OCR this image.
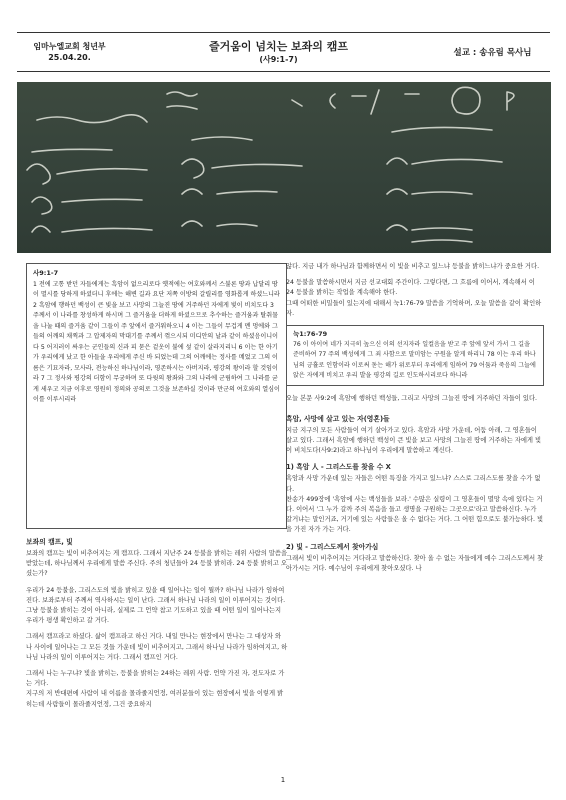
임마누엘교회 청년부
25.04.20.
즐거움이 넘치는 보좌의 캠프
(사9:1-7)
설교 : 송유림 목사님
사9:1-7
1 전에 고통 받던 자들에게는 흑암이 없으리로다 옛적에는 여호와께서 스불론 땅과 납달리 땅이 멸시를 당하게 하셨더니 후에는 해변 길과 요단 저쪽 이방의 갈릴리를 영화롭게 하셨느니라 2 흑암에 행하던 백성이 큰 빛을 보고 사망의 그늘진 땅에 거주하던 자에게 빛이 비치도다 3 주께서 이 나라를 창성하게 하시며 그 즐거움을 더하게 하셨으므로 추수하는 즐거움과 탈취물을 나눌 때의 즐거움 같이 그들이 주 앞에서 즐거워하오니 4 이는 그들이 무겁게 멘 멍에와 그들의 어깨의 채찍과 그 압제자의 막대기를 주께서 꺾으시되 미디안의 날과 같이 하셨음이니이다 5 어지러이 싸우는 군인들의 신과 피 묻은 겉옷이 불에 섶 같이 살라지리니 6 이는 한 아기가 우리에게 났고 한 아들을 우리에게 주신 바 되었는데 그의 어깨에는 정사를 메었고 그의 이름은 기묘자라, 모사라, 전능하신 하나님이라, 영존하시는 아버지라, 평강의 왕이라 할 것임이라 7 그 정사와 평강의 더함이 무궁하며 또 다윗의 왕좌와 그의 나라에 군림하여 그 나라를 굳게 세우고 지금 이후로 영원히 정의와 공의로 그것을 보존하실 것이라 만군의 여호와의 열심이 이를 이루시리라
보좌의 캠프, 빛

보좌의 캠프는 빛이 비추어지는 게 캠프다. 그래서 지난주 24 등불을 밝히는 레위 사람의 말씀을 받았는데, 하나님께서 우리에게 말씀 주신다. 주의 청년들아 24 등불 밝히라. 24 등불 밝히고 오셨는가?

우리가 24 등불을, 그리스도의 빛을 밝히고 있을 때 일어나는 일이 뭘까? 하나님 나라가 임하여진다. 보좌로부터 주께서 역사하시는 일이 난다. 그래서 하나님 나라의 일이 이루어지는 것이다. 그냥 등불을 밝히는 것이 아니라, 실제로 그 언약 참고 기도하고 있을 때 어떤 일이 일어나는지 우리가 평생 확인하고 갈 거다.

그래서 캠프라고 하셨다. 삶이 캠프라고 하신 거다. 내일 만나는 현장에서 만나는 그 대상자 와 나 사이에 일어나는 그 모든 것들 가운데 빛이 비추어지고, 그래서 하나님 나라가 임하여지고, 하나님 나라의 일이 이루어지는 거다. 그래서 캠프인 거다.

그래서 나는 누구냐? 빛을 밝히는, 등불을 밝히는 24하는 레위 사람. 언약 가진 자, 전도자로 가는 거다.

지구의 저 반대편에 사람이 내 이름을 몰라줄지언정, 여러분들이 있는 현장에서 빛을 이렇게 밝히는데 사람들이 몰라줄지언정, 그건 중요하지

않다. 지금 내가 하나님과 함께하면서 이 빛을 비추고 있느냐 등불을 밝히느냐가 중요한 거다.

24 등불을 말씀하시면서 지금 선교대회 주간이다. 그렇다면, 그 흐름에 이어서, 계속해서 이 24 등불을 밝히는 작업을 계속해야 한다.

그때 어떠한 비밀들이 있는지에 대해서 눅1:76-79 말씀을 기억하며, 오늘 말씀을 같이 확인하자.

눅1:76-79
76 이 아이여 네가 지극히 높으신 이의 선지자라 일컬음을 받고 주 앞에 앞서 가서 그 길을 준비하여 77 주의 백성에게 그 죄 사함으로 말미암는 구원을 알게 하리니 78 이는 우리 하나님의 긍휼로 인함이라 이로써 돋는 해가 위로부터 우리에게 임하여 79 어둠과 죽음의 그늘에 앉은 자에게 비치고 우리 발을 평강의 길로 인도하시리로다 하니라

오늘 본문 사9:2에 흑암에 행하던 백성들, 그리고 사망의 그늘진 땅에 거주하던 자들이 있다.

흑암, 사망에 살고 있는 자(영혼)들

지금 지구의 모든 사람들이 여기 살아가고 있다. 흑암과 사망 가운데, 어둠 아래, 그 영혼들이 살고 있다. 그래서 흑암에 행하던 백성이 큰 빛을 보고 사망의 그늘진 땅에 거주하는 자에게 빛이 비치도다(사9:2)라고 하나님이 우리에게 말씀하고 계신다.

1) 흑암 人 - 그리스도를 찾을 수 X

흑암과 사망 가운데 있는 자들은 어떤 특징을 가지고 있느냐? 스스로 그리스도를 찾을 수가 없다.

찬송가 499장에 '흑암에 사는 백성들을 보라.' 수많은 실령이 그 영혼들이 멸망 속에 있다는 거다. 이어서 '그 누가 갈까 주의 복음을 들고 생명을 구원하는 그곳으로'라고 말씀하신다. 누가 갈거냐는 말인거죠, 거기에 있는 사람들은 올 수 없다는 거다. 그 어떤 힘으로도 불가능하다. 빛을 가진 자가 가는 거다.

2) 빛 - 그리스도께서 찾아가심

그래서 빛이 비추어지는 거다라고 말씀하신다. 찾아 올 수 없는 자들에게 예수 그리스도께서 찾아가시는 거다. 예수님이 우리에게 찾아오셨다. 나

1
